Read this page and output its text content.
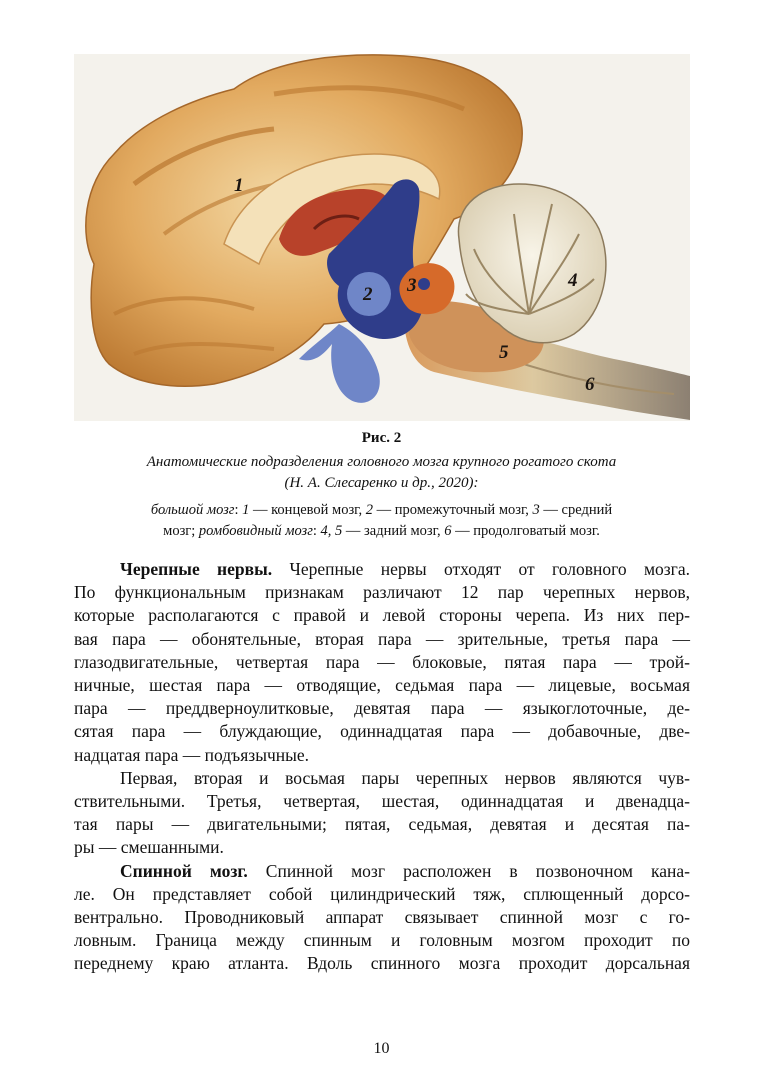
1
2 3	4
5
6
Рис. 2
Анатомические подразделения головного мозга крупного рогатого скота
(Н. А. Слесаренко и др., 2020):
большой мозг: 1 — концевой мозг, 2 — промежуточный мозг, 3 — средний
мозг; ромбовидный мозг: 4, 5 — задний мозг, 6 — продолговатый мозг.
Черепные нервы. Черепные нервы отходят от головного мозга.
По функциональным признакам различают 12 пар черепных нервов,
которые располагаются с правой и левой стороны черепа. Из них пер-
вая пара — обонятельные, вторая пара — зрительные, третья пара —
глазодвигательные, четвертая пара — блоковые, пятая пара — трой-
ничные, шестая пара — отводящие, седьмая пара — лицевые, восьмая
пара — преддверноулитковые, девятая пара — языкоглоточные, де-
сятая пара — блуждающие, одиннадцатая пара — добавочные, две-
надцатая пара — подъязычные.
Первая, вторая и восьмая пары черепных нервов являются чув-
ствительными. Третья, четвертая, шестая, одиннадцатая и двенадца-
тая пары — двигательными; пятая, седьмая, девятая и десятая па-
ры — смешанными.
Спинной мозг. Спинной мозг расположен в позвоночном кана-
ле. Он представляет собой цилиндрический тяж, сплющенный дорсо-
вентрально. Проводниковый аппарат связывает спинной мозг с го-
ловным. Граница между спинным и головным мозгом проходит по
переднему краю атланта. Вдоль спинного мозга проходит дорсальная
10
